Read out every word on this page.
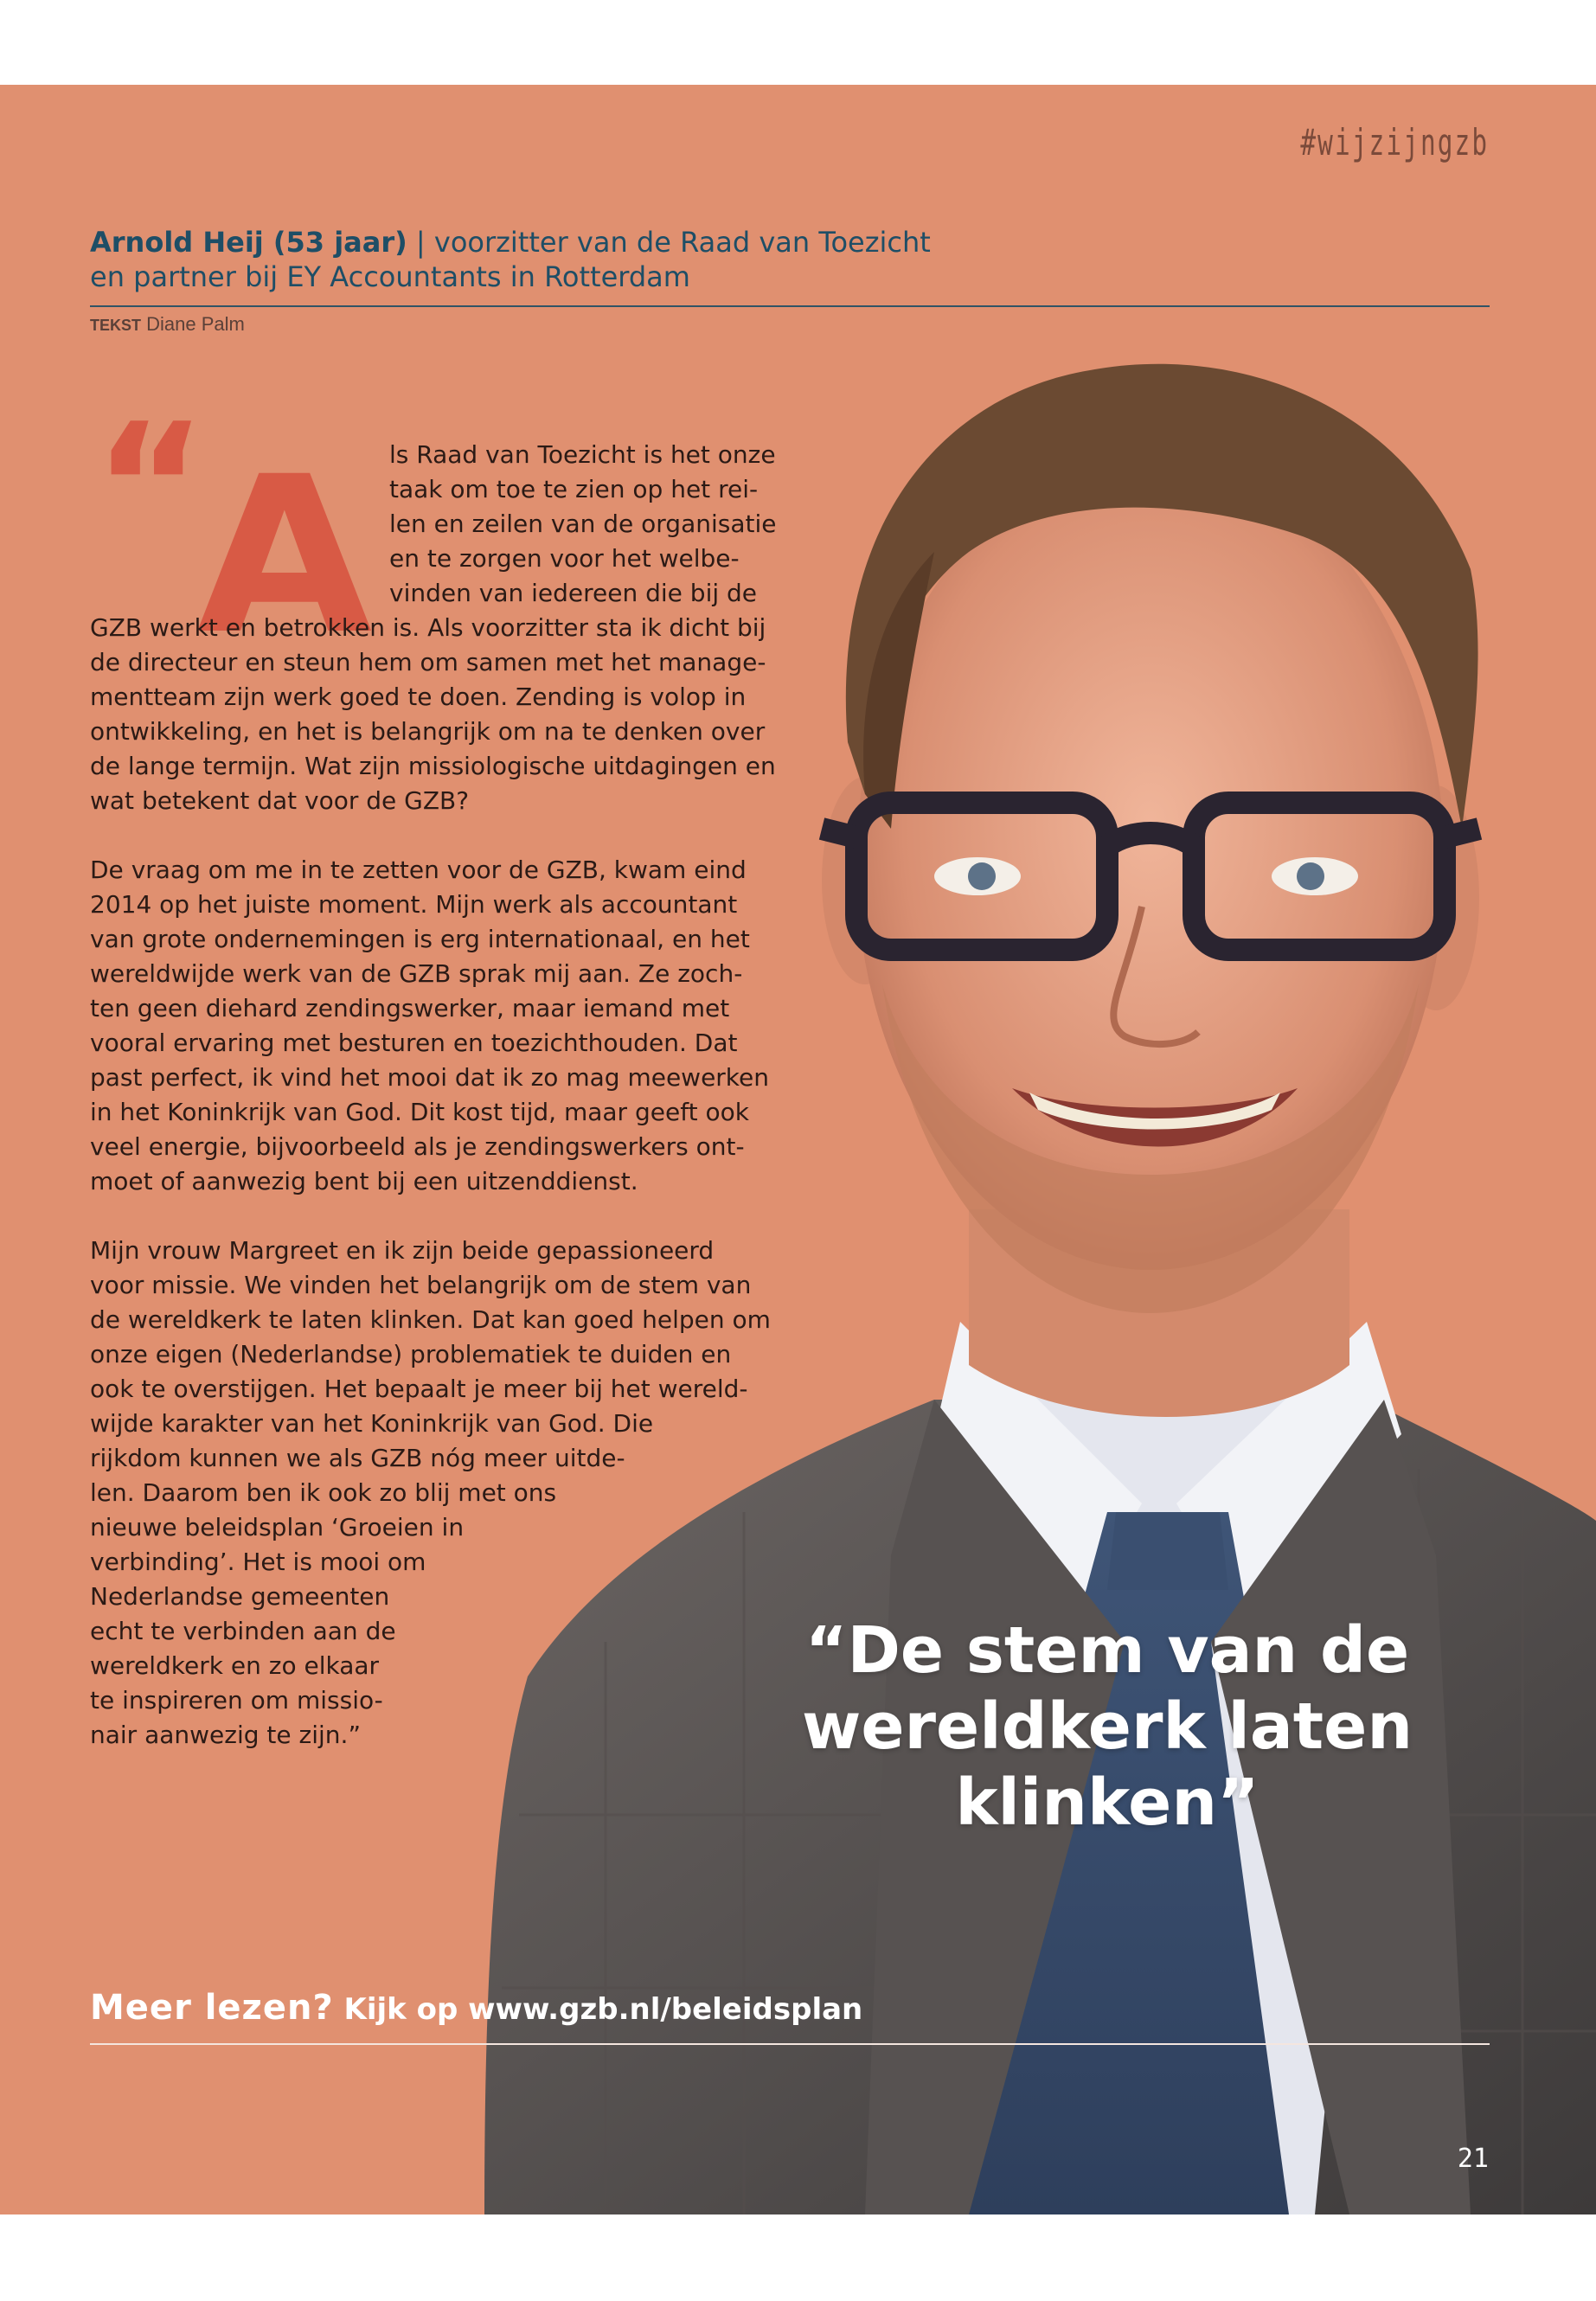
#wijzijngzb
Arnold Heij (53 jaar) | voorzitter van de Raad van Toezicht
en partner bij EY Accountants in Rotterdam
TEKST Diane Palm
“
A ls Raad van Toezicht is het onze
taak om toe te zien op het rei-
len en zeilen van de organisatie
en te zorgen voor het welbe-
vinden van iedereen die bij de
GZB werkt en betrokken is. Als voorzitter sta ik dicht bij
de directeur en steun hem om samen met het manage-
mentteam zijn werk goed te doen. Zending is volop in
ontwikkeling, en het is belangrijk om na te denken over
de lange termijn. Wat zijn missiologische uitdagingen en
wat betekent dat voor de GZB?
De vraag om me in te zetten voor de GZB, kwam eind
2014 op het juiste moment. Mijn werk als accountant
van grote ondernemingen is erg internationaal, en het
wereldwijde werk van de GZB sprak mij aan. Ze zoch-
ten geen diehard zendingswerker, maar iemand met
vooral ervaring met besturen en toezichthouden. Dat
past perfect, ik vind het mooi dat ik zo mag meewerken
in het Koninkrijk van God. Dit kost tijd, maar geeft ook
veel energie, bijvoorbeeld als je zendingswerkers ont-
moet of aanwezig bent bij een uitzenddienst.
Mijn vrouw Margreet en ik zijn beide gepassioneerd
voor missie. We vinden het belangrijk om de stem van
de wereldkerk te laten klinken. Dat kan goed helpen om
onze eigen (Nederlandse) problematiek te duiden en
ook te overstijgen. Het bepaalt je meer bij het wereld-
wijde karakter van het Koninkrijk van God. Die
rijkdom kunnen we als GZB nóg meer uitde-
len. Daarom ben ik ook zo blij met ons
nieuwe beleidsplan ‘Groeien in
verbinding’. Het is mooi om
Nederlandse gemeenten
echt te verbinden aan de
wereldkerk en zo elkaar
te inspireren om missio-
nair aanwezig te zijn.”
“De stem van de
wereldkerk laten
klinken”
Meer lezen? Kijk op www.gzb.nl/beleidsplan
21
